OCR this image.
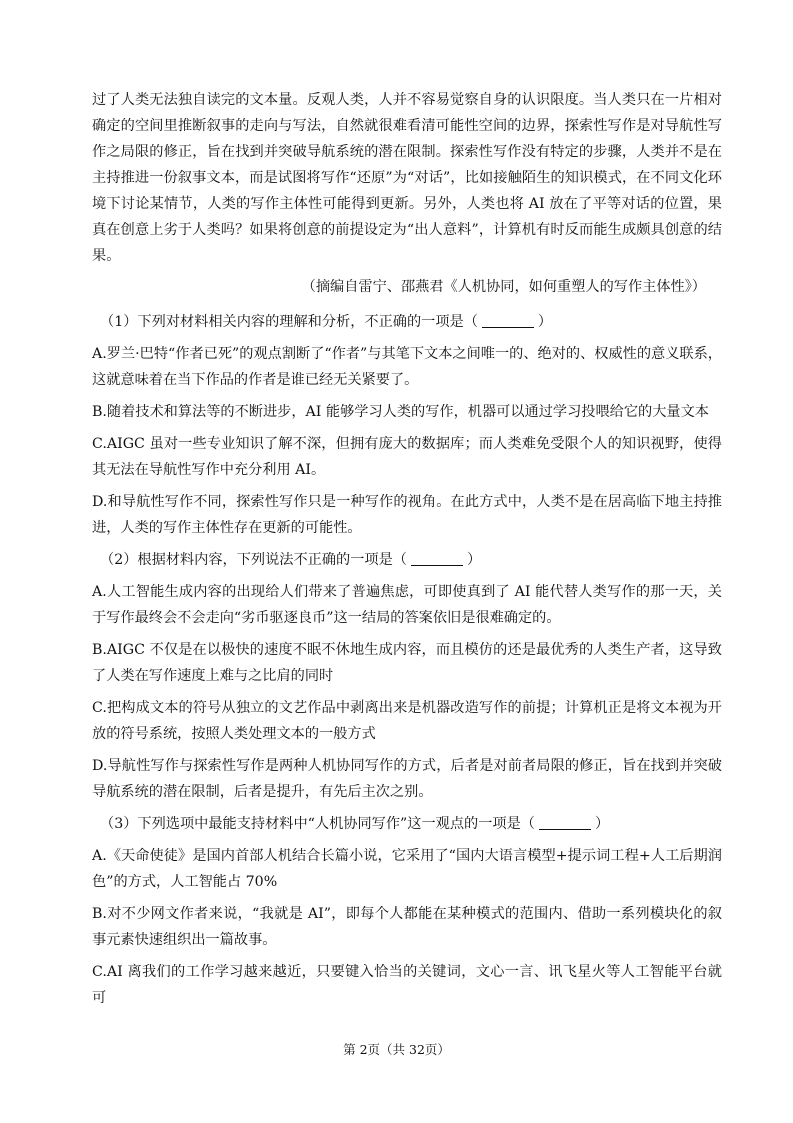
过了人类无法独自读完的文本量。反观人类，人并不容易觉察自身的认识限度。当人类只在一片相对确定的空间里推断叙事的走向与写法，自然就很难看清可能性空间的边界，探索性写作是对导航性写作之局限的修正，旨在找到并突破导航系统的潜在限制。探索性写作没有特定的步骤，人类并不是在主持推进一份叙事文本，而是试图将写作“还原”为“对话”，比如接触陌生的知识模式，在不同文化环境下讨论某情节，人类的写作主体性可能得到更新。另外，人类也将 AI 放在了平等对话的位置，果真在创意上劣于人类吗？如果将创意的前提设定为“出人意料”，计算机有时反而能生成颇具创意的结果。

（摘编自雷宁、邵燕君《人机协同，如何重塑人的写作主体性》）

（1）下列对材料相关内容的理解和分析，不正确的一项是（	）

A.罗兰·巴特“作者已死”的观点割断了“作者”与其笔下文本之间唯一的、绝对的、权威性的意义联系，这就意味着在当下作品的作者是谁已经无关紧要了。

B.随着技术和算法等的不断进步，AI 能够学习人类的写作，机器可以通过学习投喂给它的大量文本

C.AIGC 虽对一些专业知识了解不深，但拥有庞大的数据库；而人类难免受限个人的知识视野，使得其无法在导航性写作中充分利用 AI。

D.和导航性写作不同，探索性写作只是一种写作的视角。在此方式中，人类不是在居高临下地主持推进，人类的写作主体性存在更新的可能性。

（2）根据材料内容，下列说法不正确的一项是（	）

A.人工智能生成内容的出现给人们带来了普遍焦虑，可即使真到了 AI 能代替人类写作的那一天，关于写作最终会不会走向“劣币驱逐良币”这一结局的答案依旧是很难确定的。

B.AIGC 不仅是在以极快的速度不眠不休地生成内容，而且模仿的还是最优秀的人类生产者，这导致了人类在写作速度上难与之比肩的同时

C.把构成文本的符号从独立的文艺作品中剥离出来是机器改造写作的前提；计算机正是将文本视为开放的符号系统，按照人类处理文本的一般方式

D.导航性写作与探索性写作是两种人机协同写作的方式，后者是对前者局限的修正，旨在找到并突破导航系统的潜在限制，后者是提升，有先后主次之别。

（3）下列选项中最能支持材料中“人机协同写作”这一观点的一项是（	）

A.《天命使徒》是国内首部人机结合长篇小说，它采用了“国内大语言模型+提示词工程+人工后期润色”的方式，人工智能占 70%

B.对不少网文作者来说，“我就是 AI”，即每个人都能在某种模式的范围内、借助一系列模块化的叙事元素快速组织出一篇故事。

C.AI 离我们的工作学习越来越近，只要键入恰当的关键词，文心一言、讯飞星火等人工智能平台就可

第 2页（共 32页）
